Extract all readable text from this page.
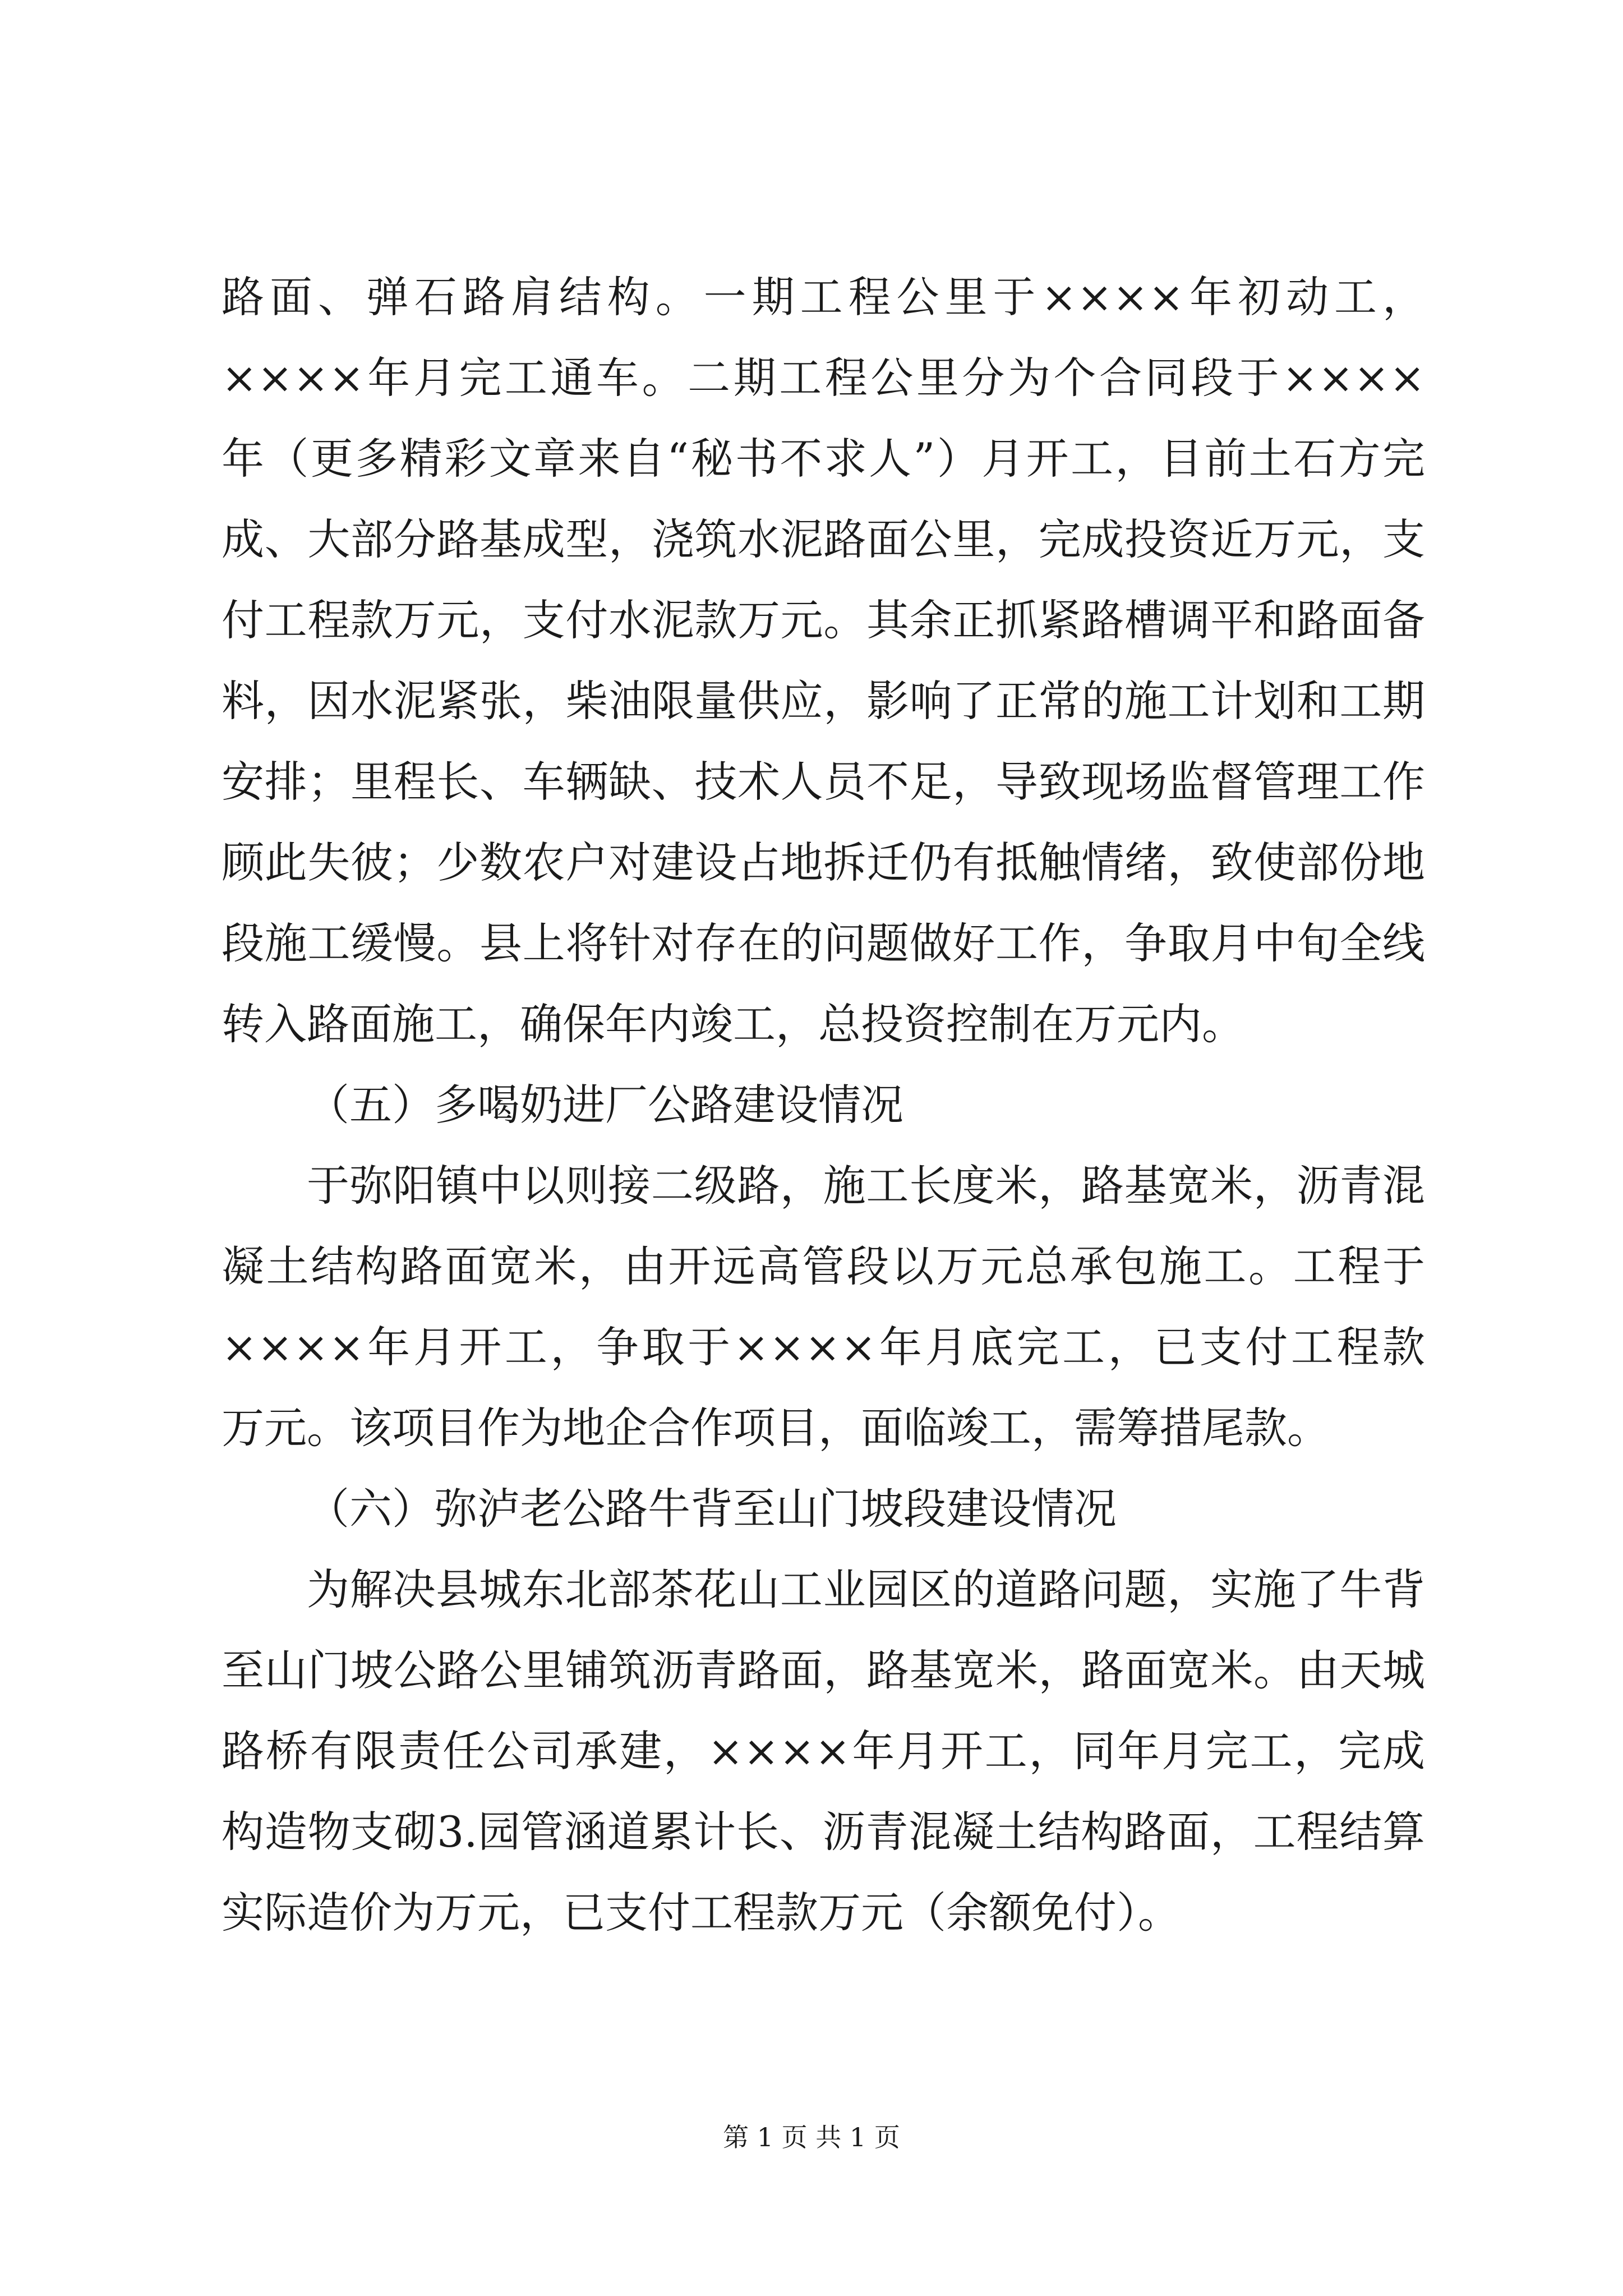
路面、弹石路肩结构。一期工程公里于××××年初动工，
××××年月完工通车。二期工程公里分为个合同段于××××
年（更多精彩文章来自“秘书不求人”）月开工，目前土石方完
成、大部分路基成型，浇筑水泥路面公里，完成投资近万元，支
付工程款万元，支付水泥款万元。其余正抓紧路槽调平和路面备
料，因水泥紧张，柴油限量供应，影响了正常的施工计划和工期
安排；里程长、车辆缺、技术人员不足，导致现场监督管理工作
顾此失彼；少数农户对建设占地拆迁仍有抵触情绪，致使部份地
段施工缓慢。县上将针对存在的问题做好工作，争取月中旬全线
转入路面施工，确保年内竣工，总投资控制在万元内。
（五）多喝奶进厂公路建设情况
于弥阳镇中以则接二级路，施工长度米，路基宽米，沥青混
凝土结构路面宽米，由开远高管段以万元总承包施工。工程于
××××年月开工，争取于××××年月底完工，已支付工程款
万元。该项目作为地企合作项目，面临竣工，需筹措尾款。
（六）弥泸老公路牛背至山门坡段建设情况
为解决县城东北部茶花山工业园区的道路问题，实施了牛背
至山门坡公路公里铺筑沥青路面，路基宽米，路面宽米。由天城
路桥有限责任公司承建，××××年月开工，同年月完工，完成
构造物支砌3.园管涵道累计长、沥青混凝土结构路面，工程结算
实际造价为万元，已支付工程款万元（余额免付）。
第 1 页 共 1 页
